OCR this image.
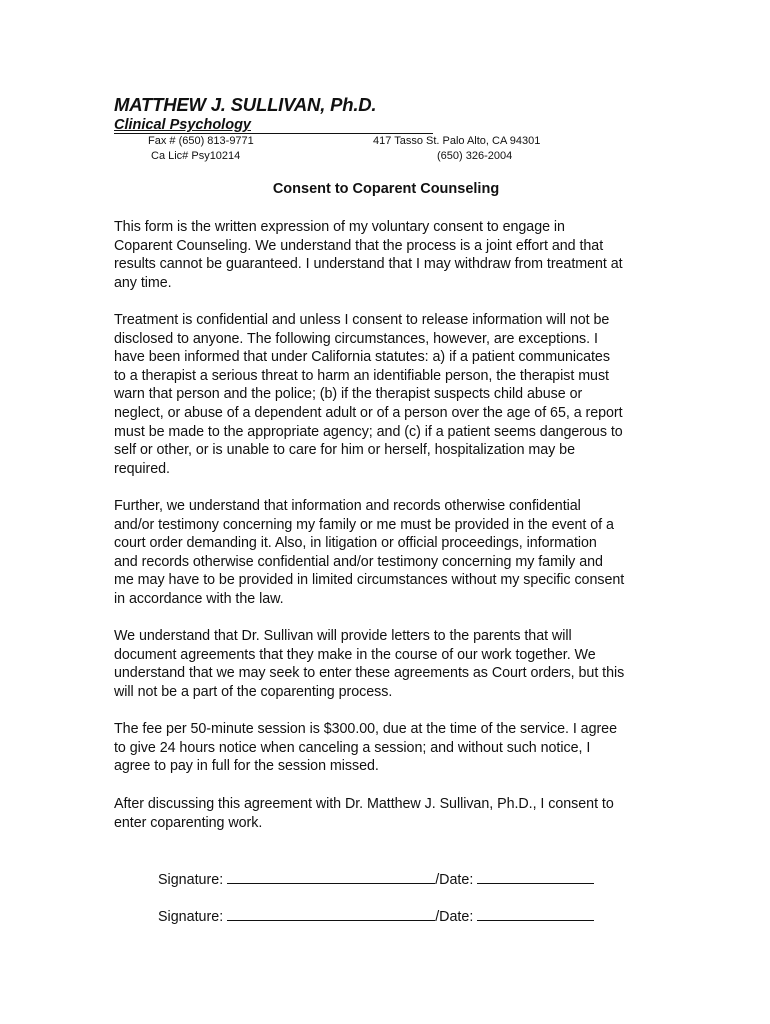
MATTHEW J. SULLIVAN, Ph.D.
Clinical Psychology
Fax # (650) 813-9771
Ca Lic# Psy10214
417 Tasso St. Palo Alto, CA 94301
(650) 326-2004
Consent to Coparent Counseling
This form is the written expression of my voluntary consent to engage in
Coparent Counseling. We understand that the process is a joint effort and that
results cannot be guaranteed. I understand that I may withdraw from treatment at
any time.
Treatment is confidential and unless I consent to release information will not be
disclosed to anyone. The following circumstances, however, are exceptions. I
have been informed that under California statutes: a) if a patient communicates
to a therapist a serious threat to harm an identifiable person, the therapist must
warn that person and the police; (b) if the therapist suspects child abuse or
neglect, or abuse of a dependent adult or of a person over the age of 65, a report
must be made to the appropriate agency; and (c) if a patient seems dangerous to
self or other, or is unable to care for him or herself, hospitalization may be
required.
Further, we understand that information and records otherwise confidential
and/or testimony concerning my family or me must be provided in the event of a
court order demanding it. Also, in litigation or official proceedings, information
and records otherwise confidential and/or testimony concerning my family and
me may have to be provided in limited circumstances without my specific consent
in accordance with the law.
We understand that Dr. Sullivan will provide letters to the parents that will
document agreements that they make in the course of our work together. We
understand that we may seek to enter these agreements as Court orders, but this
will not be a part of the coparenting process.
The fee per 50-minute session is $300.00, due at the time of the service. I agree
to give 24 hours notice when canceling a session; and without such notice, I
agree to pay in full for the session missed.
After discussing this agreement with Dr. Matthew J. Sullivan, Ph.D., I consent to
enter coparenting work.
Signature:	/Date:
Signature:	/Date:
